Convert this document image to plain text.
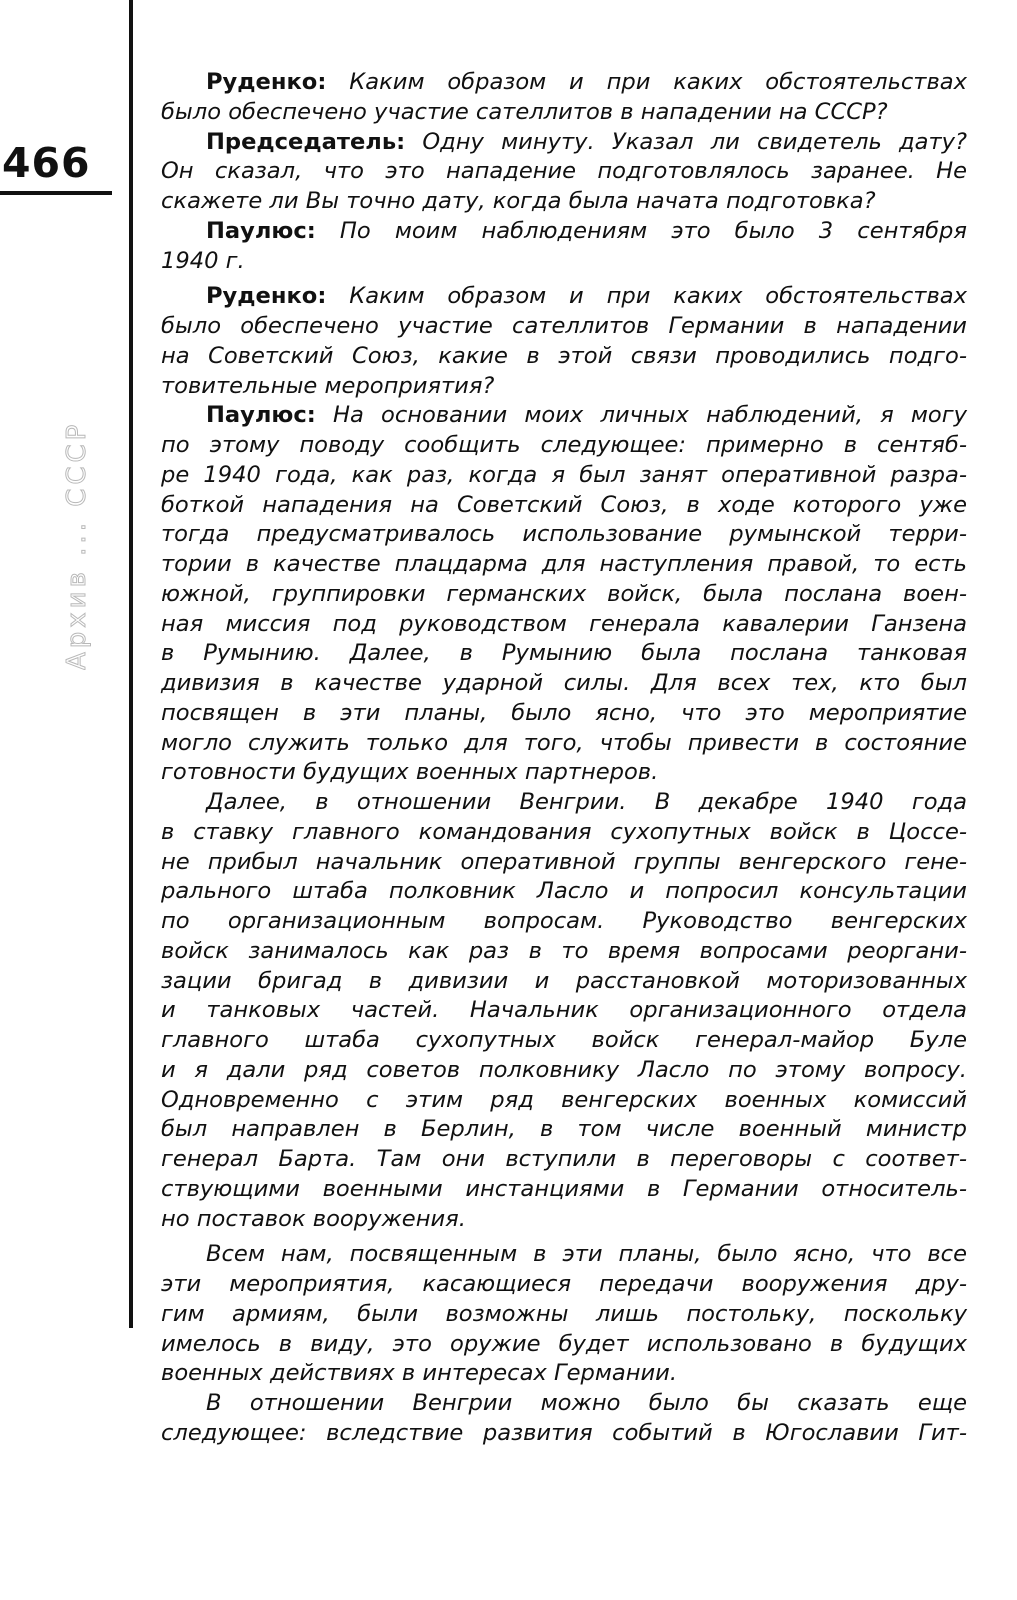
466
Архив ... СССР
Руденко: Каким образом и при каких обстоятельствах
было обеспечено участие сателлитов в нападении на СССР?
Председатель: Одну минуту. Указал ли свидетель дату?
Он сказал, что это нападение подготовлялось заранее. Не
скажете ли Вы точно дату, когда была начата подготовка?
Паулюс: По моим наблюдениям это было 3 сентября
1940 г.
Руденко: Каким образом и при каких обстоятельствах
было обеспечено участие сателлитов Германии в нападении
на Советский Союз, какие в этой связи проводились подго-
товительные мероприятия?
Паулюс: На основании моих личных наблюдений, я могу
по этому поводу сообщить следующее: примерно в сентяб-
ре 1940 года, как раз, когда я был занят оперативной разра-
боткой нападения на Советский Союз, в ходе которого уже
тогда предусматривалось использование румынской терри-
тории в качестве плацдарма для наступления правой, то есть
южной, группировки германских войск, была послана воен-
ная миссия под руководством генерала кавалерии Ганзена
в Румынию. Далее, в Румынию была послана танковая
дивизия в качестве ударной силы. Для всех тех, кто был
посвящен в эти планы, было ясно, что это мероприятие
могло служить только для того, чтобы привести в состояние
готовности будущих военных партнеров.
Далее, в отношении Венгрии. В декабре 1940 года
в ставку главного командования сухопутных войск в Цоссе-
не прибыл начальник оперативной группы венгерского гене-
рального штаба полковник Ласло и попросил консультации
по организационным вопросам. Руководство венгерских
войск занималось как раз в то время вопросами реоргани-
зации бригад в дивизии и расстановкой моторизованных
и танковых частей. Начальник организационного отдела
главного штаба сухопутных войск генерал-майор Буле
и я дали ряд советов полковнику Ласло по этому вопросу.
Одновременно с этим ряд венгерских военных комиссий
был направлен в Берлин, в том числе военный министр
генерал Барта. Там они вступили в переговоры с соответ-
ствующими военными инстанциями в Германии относитель-
но поставок вооружения.
Всем нам, посвященным в эти планы, было ясно, что все
эти мероприятия, касающиеся передачи вооружения дру-
гим армиям, были возможны лишь постольку, поскольку
имелось в виду, это оружие будет использовано в будущих
военных действиях в интересах Германии.
В отношении Венгрии можно было бы сказать еще
следующее: вследствие развития событий в Югославии Гит-
